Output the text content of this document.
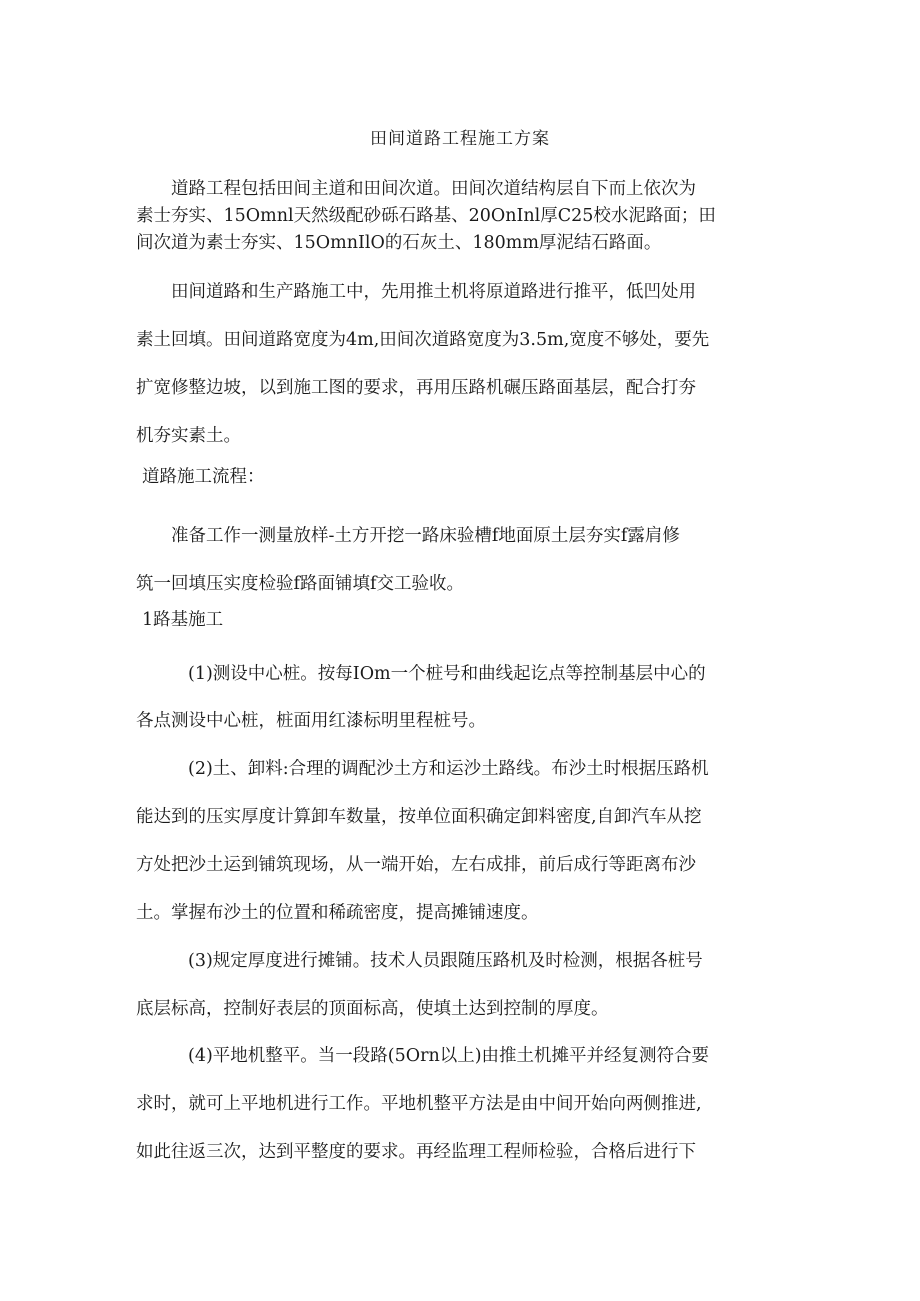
田间道路工程施工方案

道路工程包括田间主道和田间次道。田间次道结构层自下而上依次为
素士夯实、15Omnl天然级配砂砾石路基、20OnInl厚C25校水泥路面；田
间次道为素士夯实、15OmnIlO的石灰土、180mm厚泥结石路面。

田间道路和生产路施工中，先用推土机将原道路进行推平，低凹处用
素土回填。田间道路宽度为4m,田间次道路宽度为3.5m,宽度不够处，要先
扩宽修整边坡，以到施工图的要求，再用压路机碾压路面基层，配合打夯
机夯实素土。

道路施工流程：

准备工作一测量放样-土方开挖一路床验槽f地面原土层夯实f露肩修
筑一回填压实度检验f路面铺填f交工验收。

1路基施工

(1)测设中心桩。按每IOm一个桩号和曲线起讫点等控制基层中心的
各点测设中心桩，桩面用红漆标明里程桩号。

(2)土、卸料:合理的调配沙土方和运沙土路线。布沙土时根据压路机
能达到的压实厚度计算卸车数量，按单位面积确定卸料密度,自卸汽车从挖
方处把沙土运到铺筑现场，从一端开始，左右成排，前后成行等距离布沙
土。掌握布沙土的位置和稀疏密度，提高摊铺速度。

(3)规定厚度进行摊铺。技术人员跟随压路机及时检测，根据各桩号
底层标高，控制好表层的顶面标高，使填土达到控制的厚度。

(4)平地机整平。当一段路(5Orn以上)由推土机摊平并经复测符合要
求时，就可上平地机进行工作。平地机整平方法是由中间开始向两侧推进,
如此往返三次，达到平整度的要求。再经监理工程师检验，合格后进行下
